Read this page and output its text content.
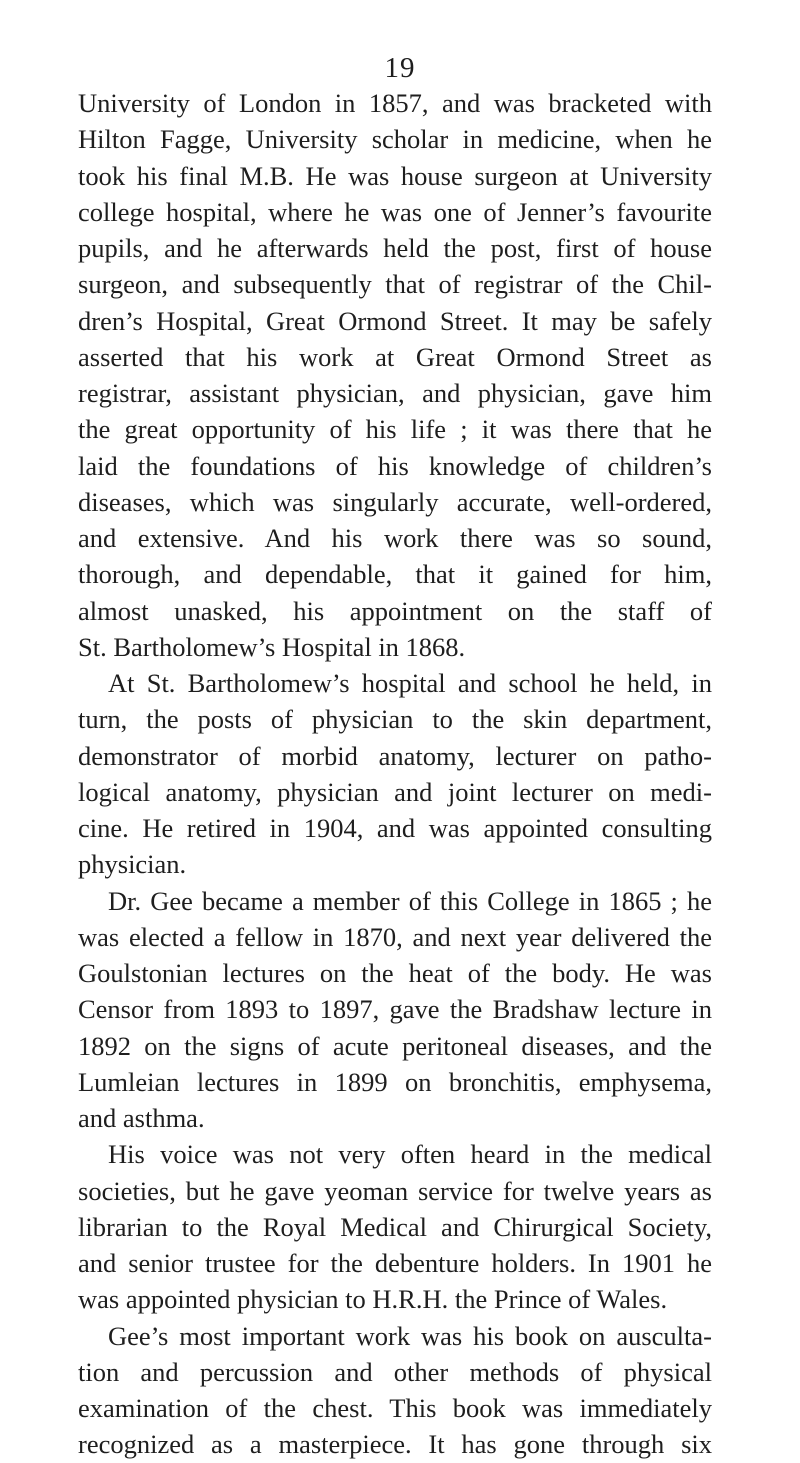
19
University of London in 1857, and was bracketed with
Hilton Fagge, University scholar in medicine, when he
took his final M.B. He was house surgeon at University
college hospital, where he was one of Jenner’s favourite
pupils, and he afterwards held the post, first of house
surgeon, and subsequently that of registrar of the Chil-
dren’s Hospital, Great Ormond Street. It may be safely
asserted that his work at Great Ormond Street as
registrar, assistant physician, and physician, gave him
the great opportunity of his life ; it was there that he
laid the foundations of his knowledge of children’s
diseases, which was singularly accurate, well-ordered,
and extensive. And his work there was so sound,
thorough, and dependable, that it gained for him,
almost unasked, his appointment on the staff of
St. Bartholomew’s Hospital in 1868.
At St. Bartholomew’s hospital and school he held, in
turn, the posts of physician to the skin department,
demonstrator of morbid anatomy, lecturer on patho-
logical anatomy, physician and joint lecturer on medi-
cine. He retired in 1904, and was appointed consulting
physician.
Dr. Gee became a member of this College in 1865 ; he
was elected a fellow in 1870, and next year delivered the
Goulstonian lectures on the heat of the body. He was
Censor from 1893 to 1897, gave the Bradshaw lecture in
1892 on the signs of acute peritoneal diseases, and the
Lumleian lectures in 1899 on bronchitis, emphysema,
and asthma.
His voice was not very often heard in the medical
societies, but he gave yeoman service for twelve years as
librarian to the Royal Medical and Chirurgical Society,
and senior trustee for the debenture holders. In 1901 he
was appointed physician to H.R.H. the Prince of Wales.
Gee’s most important work was his book on ausculta-
tion and percussion and other methods of physical
examination of the chest. This book was immediately
recognized as a masterpiece. It has gone through six
